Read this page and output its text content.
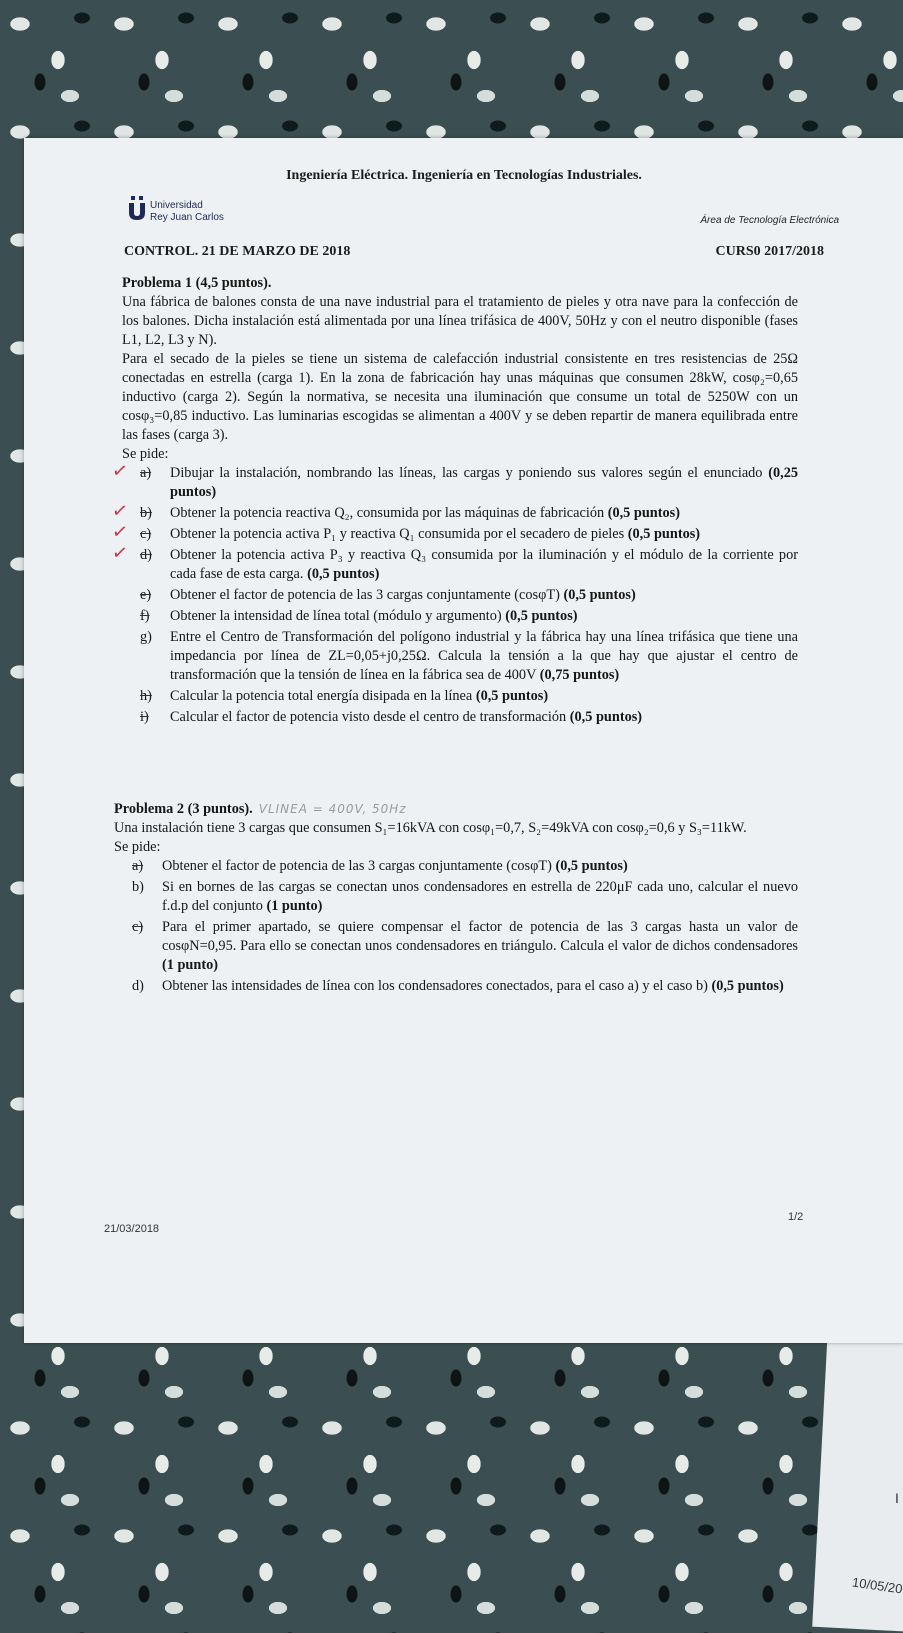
10/05/20
I
Ingeniería Eléctrica. Ingeniería en Tecnologías Industriales.
Universidad
Rey Juan Carlos	Área de Tecnología Electrónica
CONTROL. 21 DE MARZO DE 2018	CURS0 2017/2018
Problema 1 (4,5 puntos).

Una fábrica de balones consta de una nave industrial para el tratamiento de pieles y otra nave para la confección de los balones. Dicha instalación está alimentada por una línea trifásica de 400V, 50Hz y con el neutro disponible (fases L1, L2, L3 y N).

Para el secado de la pieles se tiene un sistema de calefacción industrial consistente en tres resistencias de 25Ω conectadas en estrella (carga 1). En la zona de fabricación hay unas máquinas que consumen 28kW, cosφ₂=0,65 inductivo (carga 2). Según la normativa, se necesita una iluminación que consume un total de 5250W con un cosφ₃=0,85 inductivo. Las luminarias escogidas se alimentan a 400V y se deben repartir de manera equilibrada entre las fases (carga 3).

Se pide:

✓ a) Dibujar la instalación, nombrando las líneas, las cargas y poniendo sus valores según el enunciado (0,25 puntos)
✓ b) Obtener la potencia reactiva Q₂, consumida por las máquinas de fabricación (0,5 puntos)
✓ c) Obtener la potencia activa P₁ y reactiva Q₁ consumida por el secadero de pieles (0,5 puntos)
✓ d) Obtener la potencia activa P₃ y reactiva Q₃ consumida por la iluminación y el módulo de la corriente por cada fase de esta carga. (0,5 puntos)
e) Obtener el factor de potencia de las 3 cargas conjuntamente (cosφT) (0,5 puntos)
f) Obtener la intensidad de línea total (módulo y argumento) (0,5 puntos)
g) Entre el Centro de Transformación del polígono industrial y la fábrica hay una línea trifásica que tiene una impedancia por línea de ZL=0,05+j0,25Ω. Calcula la tensión a la que hay que ajustar el centro de transformación que la tensión de línea en la fábrica sea de 400V (0,75 puntos)
h) Calcular la potencia total energía disipada en la línea (0,5 puntos)
i) Calcular el factor de potencia visto desde el centro de transformación (0,5 puntos)
Problema 2 (3 puntos). VLINEA = 400V, 50Hz

Una instalación tiene 3 cargas que consumen S₁=16kVA con cosφ₁=0,7, S₂=49kVA con cosφ₂=0,6 y S₃=11kW.

Se pide:

a) Obtener el factor de potencia de las 3 cargas conjuntamente (cosφT) (0,5 puntos)
b) Si en bornes de las cargas se conectan unos condensadores en estrella de 220μF cada uno, calcular el nuevo f.d.p del conjunto (1 punto)
c) Para el primer apartado, se quiere compensar el factor de potencia de las 3 cargas hasta un valor de cosφN=0,95. Para ello se conectan unos condensadores en triángulo. Calcula el valor de dichos condensadores (1 punto)
d) Obtener las intensidades de línea con los condensadores conectados, para el caso a) y el caso b) (0,5 puntos)
21/03/2018
1/2
